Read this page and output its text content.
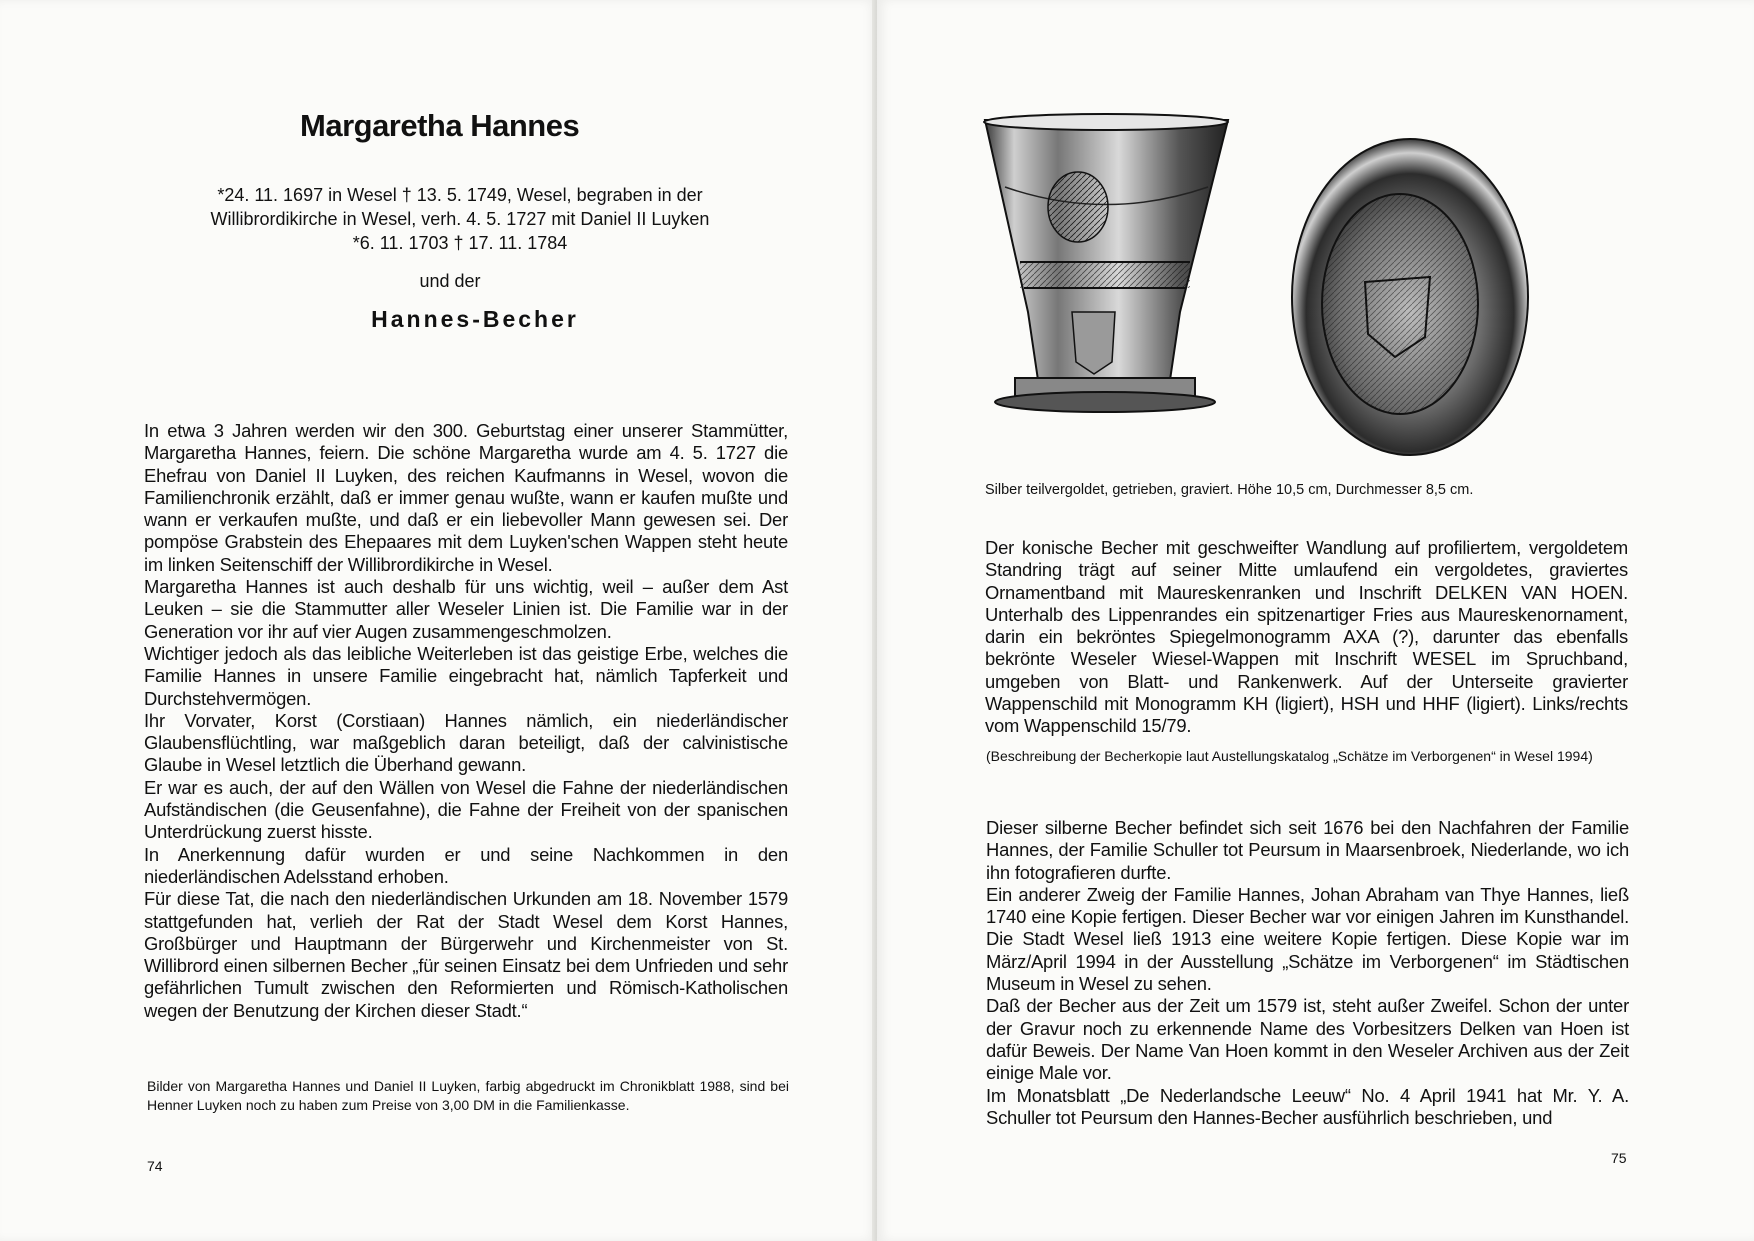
Margaretha Hannes
*24. 11. 1697 in Wesel † 13. 5. 1749, Wesel, begraben in der
Willibrordikirche in Wesel, verh. 4. 5. 1727 mit Daniel II Luyken
*6. 11. 1703 † 17. 11. 1784
und der
Hannes-Becher

In etwa 3 Jahren werden wir den 300. Geburtstag einer unserer Stammütter, Margaretha Hannes, feiern. Die schöne Margaretha wurde am 4. 5. 1727 die Ehefrau von Daniel II Luyken, des reichen Kaufmanns in Wesel, wovon die Familienchronik erzählt, daß er immer genau wußte, wann er kaufen mußte und wann er verkaufen mußte, und daß er ein liebevoller Mann gewesen sei. Der pompöse Grabstein des Ehepaares mit dem Luyken'schen Wappen steht heute im linken Seitenschiff der Willibrordikirche in Wesel.

Margaretha Hannes ist auch deshalb für uns wichtig, weil – außer dem Ast Leuken – sie die Stammutter aller Weseler Linien ist. Die Familie war in der Generation vor ihr auf vier Augen zusammengeschmolzen.

Wichtiger jedoch als das leibliche Weiterleben ist das geistige Erbe, welches die Familie Hannes in unsere Familie eingebracht hat, nämlich Tapferkeit und Durchstehvermögen.

Ihr Vorvater, Korst (Corstiaan) Hannes nämlich, ein niederländischer Glaubensflüchtling, war maßgeblich daran beteiligt, daß der calvinistische Glaube in Wesel letztlich die Überhand gewann.

Er war es auch, der auf den Wällen von Wesel die Fahne der niederländischen Aufständischen (die Geusenfahne), die Fahne der Freiheit von der spanischen Unterdrückung zuerst hisste.

In Anerkennung dafür wurden er und seine Nachkommen in den niederländischen Adelsstand erhoben.

Für diese Tat, die nach den niederländischen Urkunden am 18. November 1579 stattgefunden hat, verlieh der Rat der Stadt Wesel dem Korst Hannes, Großbürger und Hauptmann der Bürgerwehr und Kirchenmeister von St. Willibrord einen silbernen Becher „für seinen Einsatz bei dem Unfrieden und sehr gefährlichen Tumult zwischen den Reformierten und Römisch-Katholischen wegen der Benutzung der Kirchen dieser Stadt.“

Bilder von Margaretha Hannes und Daniel II Luyken, farbig abgedruckt im Chronikblatt 1988, sind bei Henner Luyken noch zu haben zum Preise von 3,00 DM in die Familienkasse.
74
Silber teilvergoldet, getrieben, graviert. Höhe 10,5 cm, Durchmesser 8,5 cm.

Der konische Becher mit geschweifter Wandlung auf profiliertem, vergoldetem Standring trägt auf seiner Mitte umlaufend ein vergoldetes, graviertes Ornamentband mit Maureskenranken und Inschrift DELKEN VAN HOEN. Unterhalb des Lippenrandes ein spitzenartiger Fries aus Maureskenornament, darin ein bekröntes Spiegelmonogramm AXA (?), darunter das ebenfalls bekrönte Weseler Wiesel-Wappen mit Inschrift WESEL im Spruchband, umgeben von Blatt- und Rankenwerk. Auf der Unterseite gravierter Wappenschild mit Monogramm KH (ligiert), HSH und HHF (ligiert). Links/rechts vom Wappenschild 15/79.

(Beschreibung der Becherkopie laut Austellungskatalog „Schätze im Verborgenen“ in Wesel 1994)

Dieser silberne Becher befindet sich seit 1676 bei den Nachfahren der Familie Hannes, der Familie Schuller tot Peursum in Maarsenbroek, Niederlande, wo ich ihn fotografieren durfte.

Ein anderer Zweig der Familie Hannes, Johan Abraham van Thye Hannes, ließ 1740 eine Kopie fertigen. Dieser Becher war vor einigen Jahren im Kunsthandel. Die Stadt Wesel ließ 1913 eine weitere Kopie fertigen. Diese Kopie war im März/April 1994 in der Ausstellung „Schätze im Verborgenen“ im Städtischen Museum in Wesel zu sehen.

Daß der Becher aus der Zeit um 1579 ist, steht außer Zweifel. Schon der unter der Gravur noch zu erkennende Name des Vorbesitzers Delken van Hoen ist dafür Beweis. Der Name Van Hoen kommt in den Weseler Archiven aus der Zeit einige Male vor.

Im Monatsblatt „De Nederlandsche Leeuw“ No. 4 April 1941 hat Mr. Y. A. Schuller tot Peursum den Hannes-Becher ausführlich beschrieben, und

75
